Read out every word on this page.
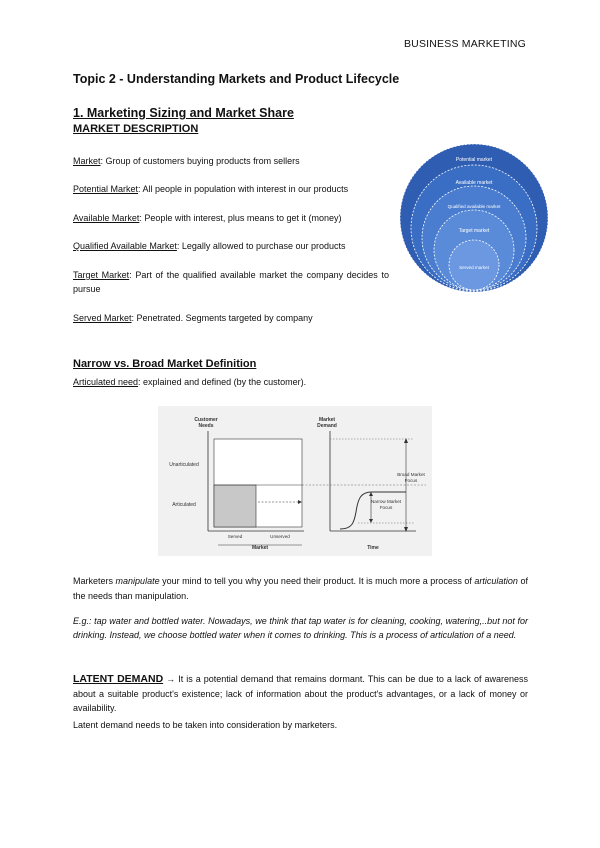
BUSINESS MARKETING
Topic 2 - Understanding Markets and Product Lifecycle
1. Marketing Sizing and Market Share
MARKET DESCRIPTION
Market: Group of customers buying products from sellers
Potential Market: All people in population with interest in our products
Available Market: People with interest, plus means to get it (money)
Qualified Available Market: Legally allowed to purchase our products
Target Market: Part of the qualified available market the company decides to pursue
Served Market: Penetrated. Segments targeted by company
Potential market
Available market
Qualified available market
Target market
Served market
Narrow vs. Broad Market Definition
Articulated need: explained and defined (by the customer).
Customer
Needs
Market
Demand
Unarticulated
Articulated
Served	Unserved
Market	Time
Broad Market
Focus
Narrow Market
Focus
Marketers manipulate your mind to tell you why you need their product. It is much more a process of articulation of the needs than manipulation.
E.g.: tap water and bottled water. Nowadays, we think that tap water is for cleaning, cooking, watering,..but not for drinking. Instead, we choose bottled water when it comes to drinking. This is a process of articulation of a need.
LATENT DEMAND → It is a potential demand that remains dormant. This can be due to a lack of awareness about a suitable product's existence; lack of information about the product's advantages, or a lack of money or availability.
Latent demand needs to be taken into consideration by marketers.
